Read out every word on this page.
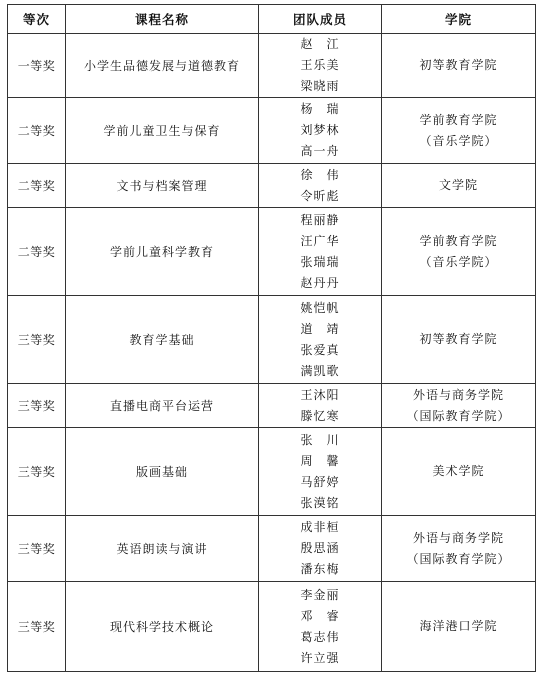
等次	课程名称	团队成员	学院
一等奖	小学生品德发展与道德教育	赵　江
王乐美
梁晓雨	初等教育学院

二等奖	学前儿童卫生与保育	杨　瑞
刘梦林
高一舟	学前教育学院
（音乐学院）

二等奖	文书与档案管理	徐　伟
令昕彪	文学院

二等奖	学前儿童科学教育	程丽静
汪广华
张瑞瑞
赵丹丹	学前教育学院
（音乐学院）

三等奖	教育学基础	姚恺帆
道　靖
张爱真
满凯歌	初等教育学院

三等奖	直播电商平台运营	王沐阳
滕忆寒	外语与商务学院
（国际教育学院）

三等奖	版画基础	张　川
周　馨
马舒婷
张漠铭	美术学院

三等奖	英语朗读与演讲	成非桓
殷思涵
潘东梅	外语与商务学院
（国际教育学院）

三等奖	现代科学技术概论	李金丽
邓　睿
葛志伟
许立强	海洋港口学院
